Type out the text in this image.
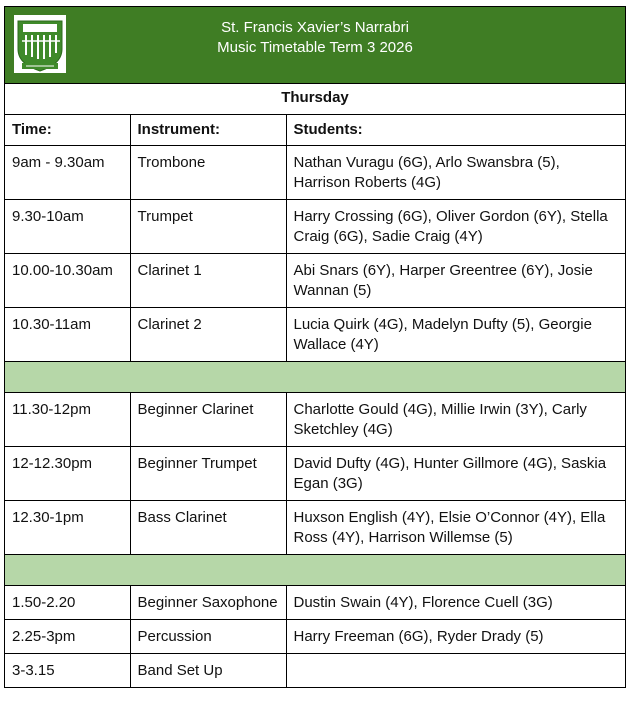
St. Francis Xavier’s Narrabri
Music Timetable Term 3 2026
Thursday		
Time:	Instrument:	Students:
9am - 9.30am	Trombone	Nathan Vuragu (6G), Arlo Swansbra (5), Harrison Roberts (4G)
9.30-10am	Trumpet	Harry Crossing (6G), Oliver Gordon (6Y), Stella Craig (6G), Sadie Craig (4Y)
10.00-10.30am	Clarinet 1	Abi Snars (6Y), Harper Greentree (6Y), Josie Wannan (5)
10.30-11am	Clarinet 2	Lucia Quirk (4G), Madelyn Dufty (5), Georgie Wallace (4Y)

11.30-12pm	Beginner Clarinet	Charlotte Gould (4G), Millie Irwin (3Y), Carly Sketchley (4G)
12-12.30pm	Beginner Trumpet	David Dufty (4G), Hunter Gillmore (4G), Saskia Egan (3G)
12.30-1pm	Bass Clarinet	Huxson English (4Y), Elsie O’Connor (4Y), Ella Ross (4Y), Harrison Willemse (5)

1.50-2.20	Beginner Saxophone	Dustin Swain (4Y), Florence Cuell (3G)
2.25-3pm	Percussion	Harry Freeman (6G), Ryder Drady (5)
3-3.15	Band Set Up	
